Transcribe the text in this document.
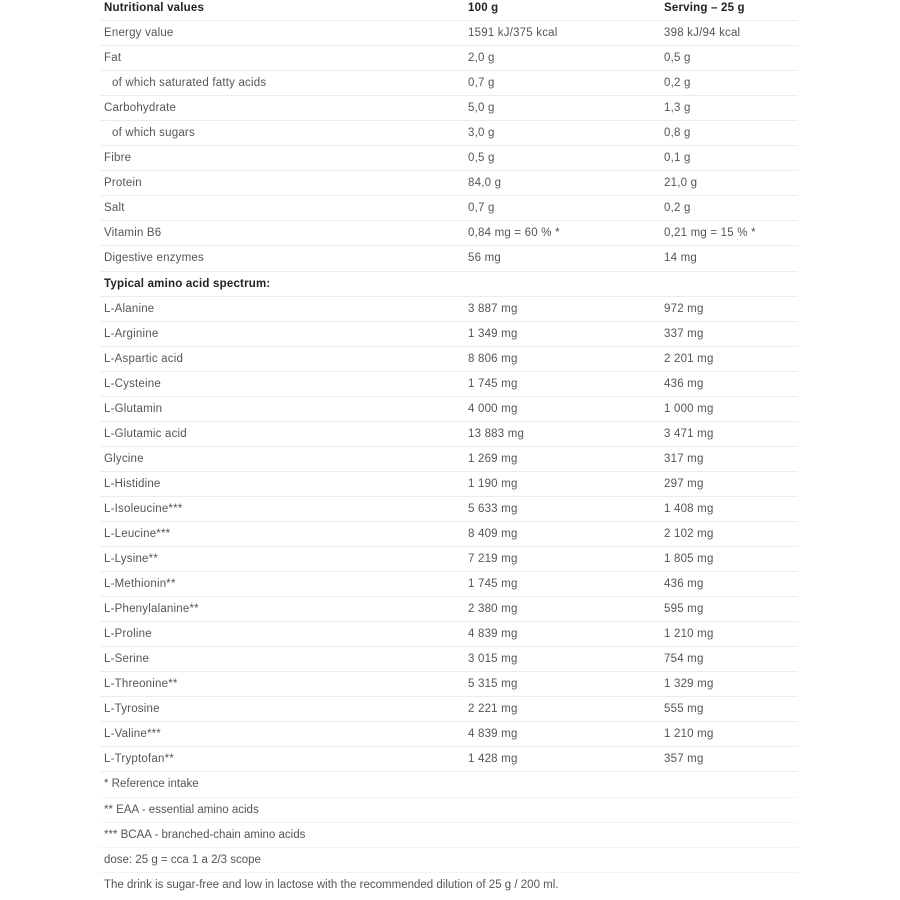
Nutritional values	100 g	Serving – 25 g
Energy value	1591 kJ/375 kcal	398 kJ/94 kcal
Fat	2,0 g	0,5 g
of which saturated fatty acids	0,7 g	0,2 g
Carbohydrate	5,0 g	1,3 g
of which sugars	3,0 g	0,8 g
Fibre	0,5 g	0,1 g
Protein	84,0 g	21,0 g
Salt	0,7 g	0,2 g
Vitamin B6	0,84 mg = 60 % *	0,21 mg = 15 % *
Digestive enzymes	56 mg	14 mg
Typical amino acid spectrum:
L-Alanine	3 887 mg	972 mg
L-Arginine	1 349 mg	337 mg
L-Aspartic acid	8 806 mg	2 201 mg
L-Cysteine	1 745 mg	436 mg
L-Glutamin	4 000 mg	1 000 mg
L-Glutamic acid	13 883 mg	3 471 mg
Glycine	1 269 mg	317 mg
L-Histidine	1 190 mg	297 mg
L-Isoleucine***	5 633 mg	1 408 mg
L-Leucine***	8 409 mg	2 102 mg
L-Lysine**	7 219 mg	1 805 mg
L-Methionin**	1 745 mg	436 mg
L-Phenylalanine**	2 380 mg	595 mg
L-Proline	4 839 mg	1 210 mg
L-Serine	3 015 mg	754 mg
L-Threonine**	5 315 mg	1 329 mg
L-Tyrosine	2 221 mg	555 mg
L-Valine***	4 839 mg	1 210 mg
L-Tryptofan**	1 428 mg	357 mg
* Reference intake
** EAA - essential amino acids
*** BCAA - branched-chain amino acids
dose: 25 g = cca 1 a 2/3 scope
The drink is sugar-free and low in lactose with the recommended dilution of 25 g / 200 ml.
